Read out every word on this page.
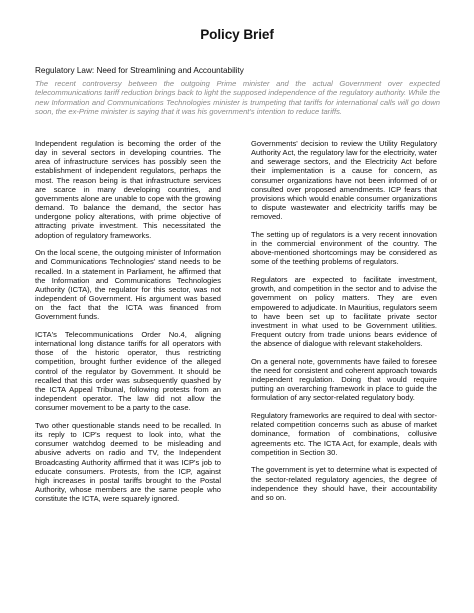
Policy Brief

Regulatory Law: Need for Streamlining and Accountability

The recent controversy between the outgoing Prime minister and the actual Government over expected telecommunications tariff reduction brings back to light the supposed independence of the regulatory authority. While the new Information and Communications Technologies minister is trumpeting that tariffs for international calls will go down soon, the ex-Prime minister is saying that it was his government's intention to reduce tariffs.

Independent regulation is becoming the order of the day in several sectors in developing countries. The area of infrastructure services has possibly seen the establishment of independent regulators, perhaps the most. The reason being is that infrastructure services are scarce in many developing countries, and governments alone are unable to cope with the growing demand. To balance the demand, the sector has undergone policy alterations, with prime objective of attracting private investment. This necessitated the adoption of regulatory frameworks.

On the local scene, the outgoing minister of Information and Communications Technologies' stand needs to be recalled. In a statement in Parliament, he affirmed that the Information and Communications Technologies Authority (ICTA), the regulator for this sector, was not independent of Government. His argument was based on the fact that the ICTA was financed from Government funds.

ICTA's Telecommunications Order No.4, aligning international long distance tariffs for all operators with those of the historic operator, thus restricting competition, brought further evidence of the alleged control of the regulator by Government. It should be recalled that this order was subsequently quashed by the ICTA Appeal Tribunal, following protests from an independent operator. The law did not allow the consumer movement to be a party to the case.

Two other questionable stands need to be recalled. In its reply to ICP's request to look into, what the consumer watchdog deemed to be misleading and abusive adverts on radio and TV, the Independent Broadcasting Authority affirmed that it was ICP's job to educate consumers. Protests, from the ICP, against high increases in postal tariffs brought to the Postal Authority, whose members are the same people who constitute the ICTA, were squarely ignored.

Governments' decision to review the Utility Regulatory Authority Act, the regulatory law for the electricity, water and sewerage sectors, and the Electricity Act before their implementation is a cause for concern, as consumer organizations have not been informed of or consulted over proposed amendments. ICP fears that provisions which would enable consumer organizations to dispute wastewater and electricity tariffs may be removed.

The setting up of regulators is a very recent innovation in the commercial environment of the country. The above-mentioned shortcomings may be considered as some of the teething problems of regulators.

Regulators are expected to facilitate investment, growth, and competition in the sector and to advise the government on policy matters. They are even empowered to adjudicate. In Mauritius, regulators seem to have been set up to facilitate private sector investment in what used to be Government utilities. Frequent outcry from trade unions bears evidence of the absence of dialogue with relevant stakeholders.

On a general note, governments have failed to foresee the need for consistent and coherent approach towards independent regulation. Doing that would require putting an overarching framework in place to guide the formulation of any sector-related regulatory body.

Regulatory frameworks are required to deal with sector-related competition concerns such as abuse of market dominance, formation of combinations, collusive agreements etc. The ICTA Act, for example, deals with competition in Section 30.

The government is yet to determine what is expected of the sector-related regulatory agencies, the degree of independence they should have, their accountability and so on.
